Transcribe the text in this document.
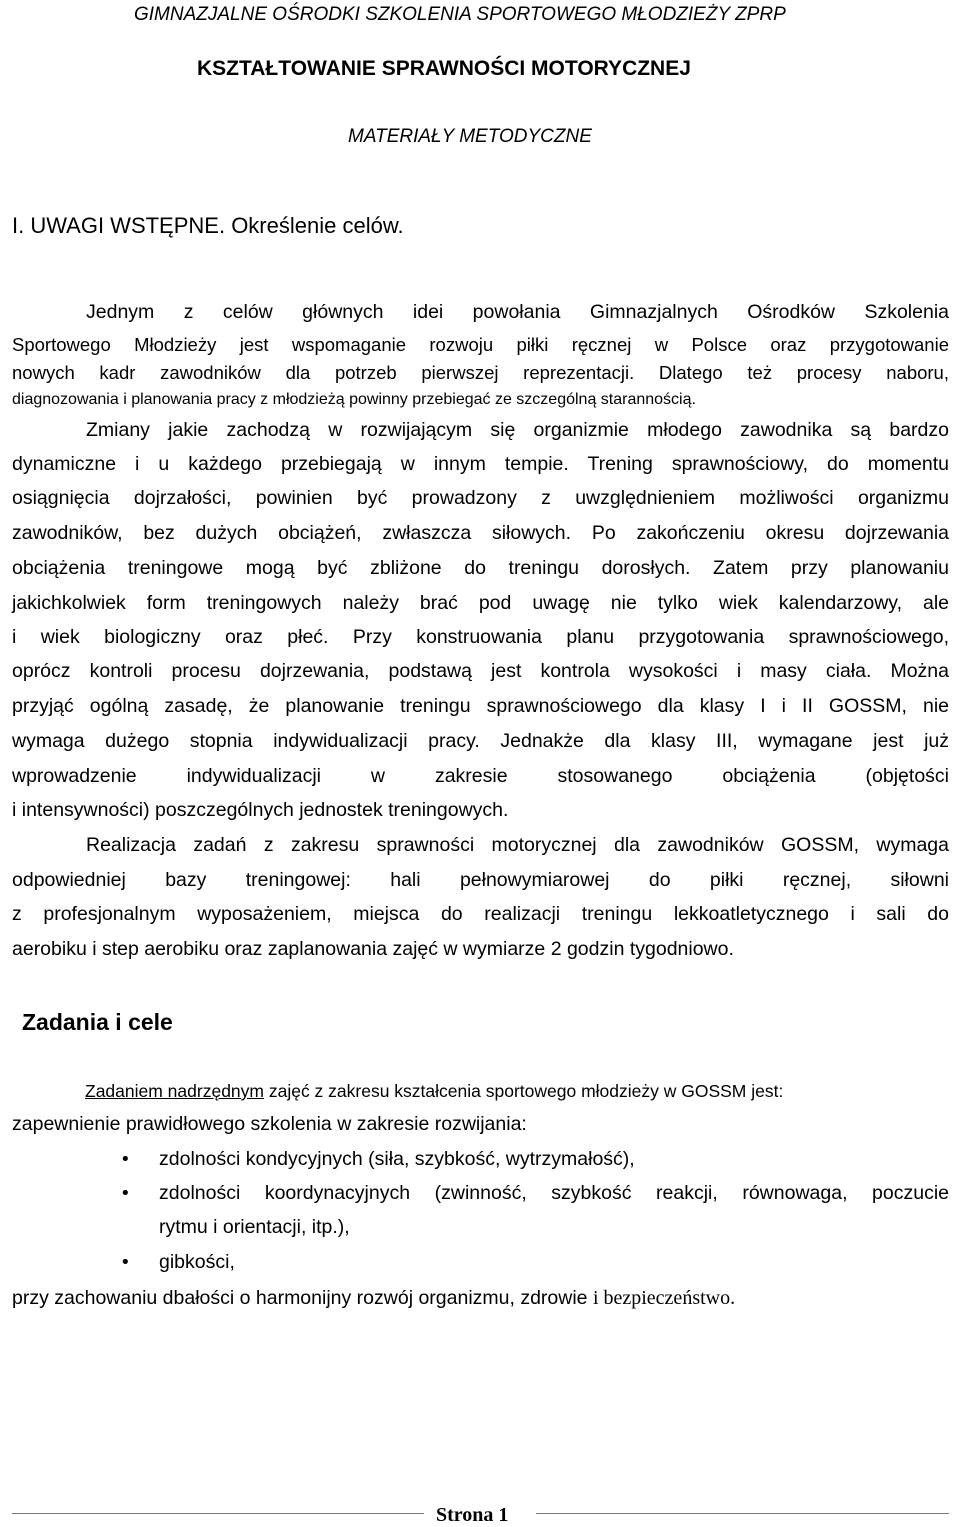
GIMNAZJALNE OŚRODKI SZKOLENIA SPORTOWEGO MŁODZIEŻY ZPRP
KSZTAŁTOWANIE SPRAWNOŚCI MOTORYCZNEJ
MATERIAŁY METODYCZNE
I. UWAGI WSTĘPNE. Określenie celów.
Jednym z celów głównych idei powołania Gimnazjalnych Ośrodków Szkolenia
Sportowego Młodzieży jest wspomaganie rozwoju piłki ręcznej w Polsce oraz przygotowanie
nowych kadr zawodników dla potrzeb pierwszej reprezentacji. Dlatego też procesy naboru,
diagnozowania i planowania pracy z młodzieżą powinny przebiegać ze szczególną starannością.
Zmiany jakie zachodzą w rozwijającym się organizmie młodego zawodnika są bardzo
dynamiczne i u każdego przebiegają w innym tempie. Trening sprawnościowy, do momentu
osiągnięcia dojrzałości, powinien być prowadzony z uwzględnieniem możliwości organizmu
zawodników, bez dużych obciążeń, zwłaszcza siłowych. Po zakończeniu okresu dojrzewania
obciążenia treningowe mogą być zbliżone do treningu dorosłych. Zatem przy planowaniu
jakichkolwiek form treningowych należy brać pod uwagę nie tylko wiek kalendarzowy, ale
i wiek biologiczny oraz płeć. Przy konstruowania planu przygotowania sprawnościowego,
oprócz kontroli procesu dojrzewania, podstawą jest kontrola wysokości i masy ciała. Można
przyjąć ogólną zasadę, że planowanie treningu sprawnościowego dla klasy I i II GOSSM, nie
wymaga dużego stopnia indywidualizacji pracy. Jednakże dla klasy III, wymagane jest już
wprowadzenie indywidualizacji w zakresie stosowanego obciążenia (objętości
i intensywności) poszczególnych jednostek treningowych.
Realizacja zadań z zakresu sprawności motorycznej dla zawodników GOSSM, wymaga
odpowiedniej bazy treningowej: hali pełnowymiarowej do piłki ręcznej, siłowni
z profesjonalnym wyposażeniem, miejsca do realizacji treningu lekkoatletycznego i sali do
aerobiku i step aerobiku oraz zaplanowania zajęć w wymiarze 2 godzin tygodniowo.
Zadania i cele
Zadaniem nadrzędnym zajęć z zakresu kształcenia sportowego młodzieży w GOSSM jest:
zapewnienie prawidłowego szkolenia w zakresie rozwijania:
• zdolności kondycyjnych (siła, szybkość, wytrzymałość),
• zdolności koordynacyjnych (zwinność, szybkość reakcji, równowaga, poczucie
rytmu i orientacji, itp.),
• gibkości,
przy zachowaniu dbałości o harmonijny rozwój organizmu, zdrowie i bezpieczeństwo.
Strona 1
